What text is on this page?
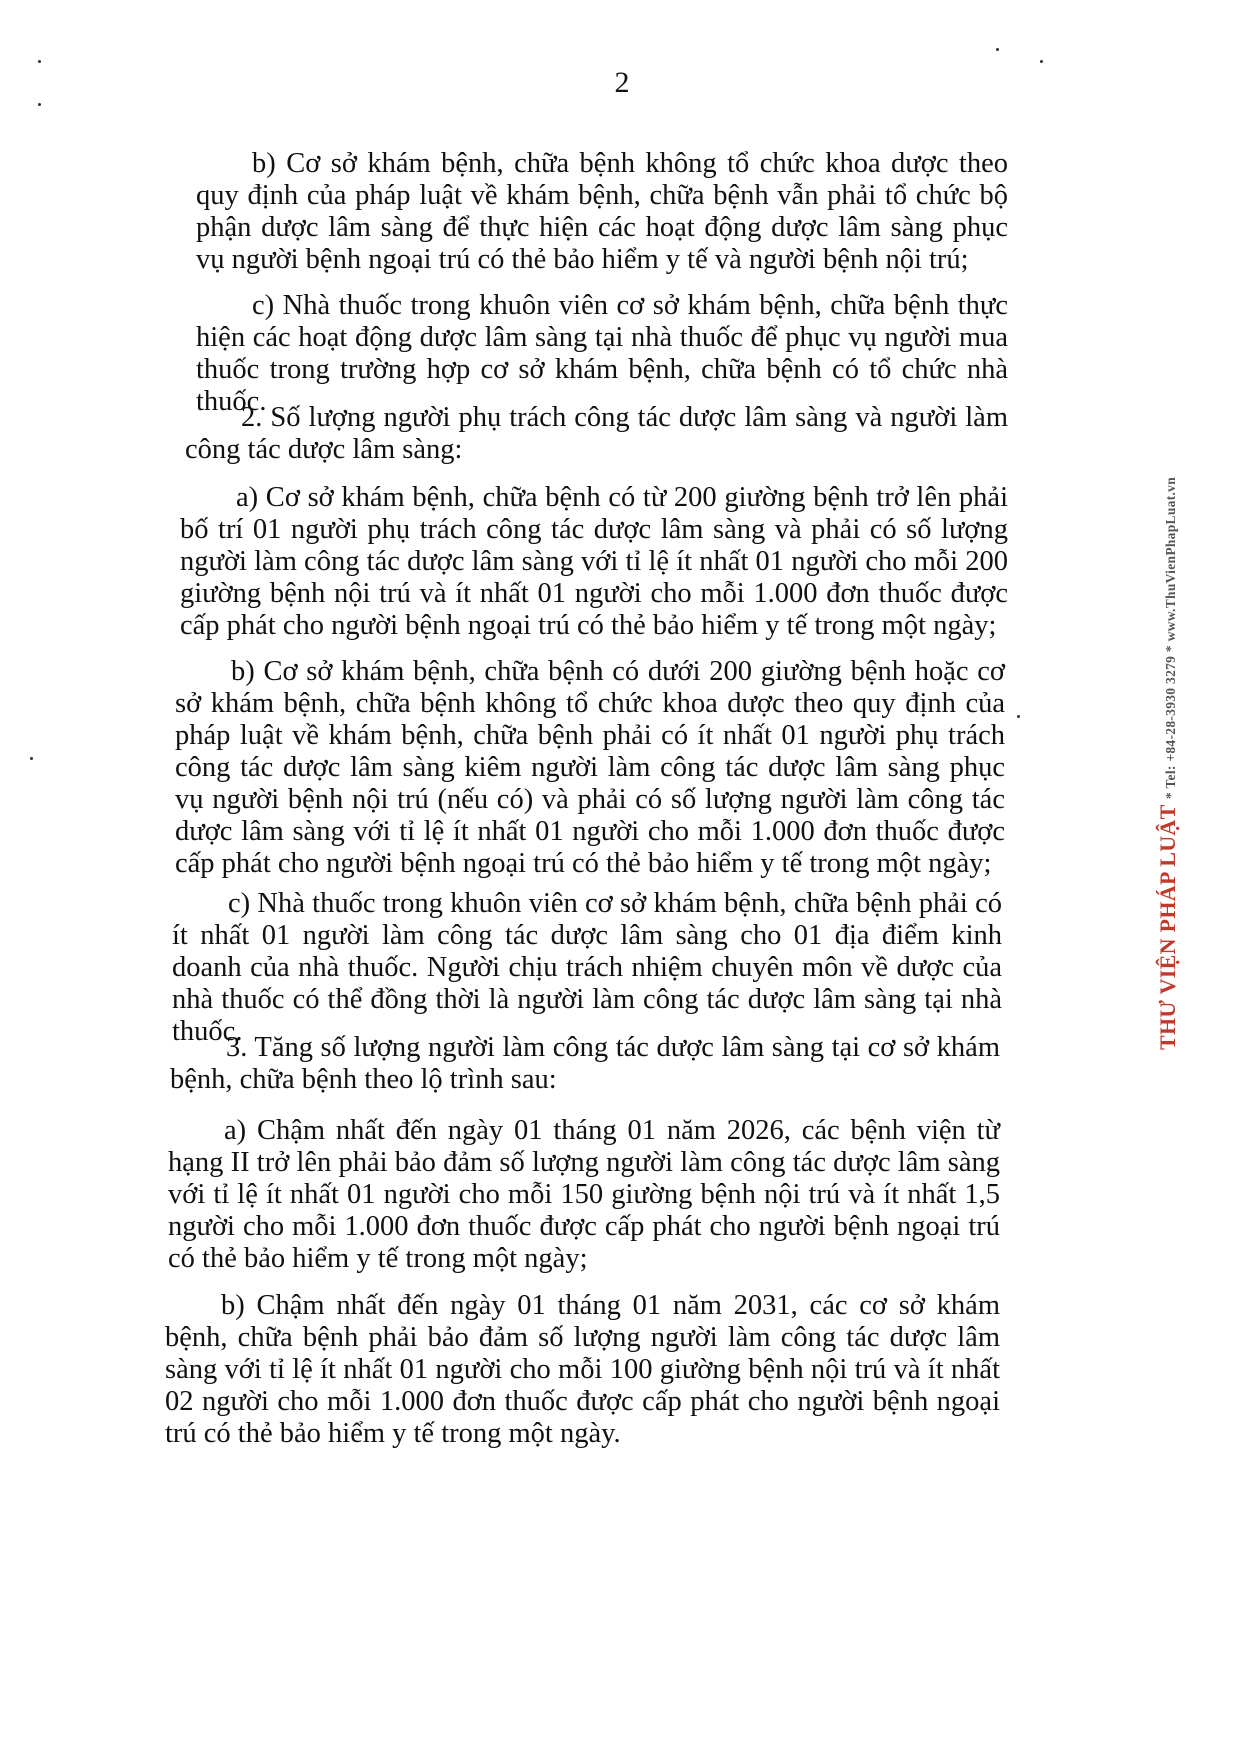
2

b) Cơ sở khám bệnh, chữa bệnh không tổ chức khoa dược theo quy định của pháp luật về khám bệnh, chữa bệnh vẫn phải tổ chức bộ phận dược lâm sàng để thực hiện các hoạt động dược lâm sàng phục vụ người bệnh ngoại trú có thẻ bảo hiểm y tế và người bệnh nội trú;

c) Nhà thuốc trong khuôn viên cơ sở khám bệnh, chữa bệnh thực hiện các hoạt động dược lâm sàng tại nhà thuốc để phục vụ người mua thuốc trong trường hợp cơ sở khám bệnh, chữa bệnh có tổ chức nhà thuốc.

2. Số lượng người phụ trách công tác dược lâm sàng và người làm công tác dược lâm sàng:

a) Cơ sở khám bệnh, chữa bệnh có từ 200 giường bệnh trở lên phải bố trí 01 người phụ trách công tác dược lâm sàng và phải có số lượng người làm công tác dược lâm sàng với tỉ lệ ít nhất 01 người cho mỗi 200 giường bệnh nội trú và ít nhất 01 người cho mỗi 1.000 đơn thuốc được cấp phát cho người bệnh ngoại trú có thẻ bảo hiểm y tế trong một ngày;

b) Cơ sở khám bệnh, chữa bệnh có dưới 200 giường bệnh hoặc cơ sở khám bệnh, chữa bệnh không tổ chức khoa dược theo quy định của pháp luật về khám bệnh, chữa bệnh phải có ít nhất 01 người phụ trách công tác dược lâm sàng kiêm người làm công tác dược lâm sàng phục vụ người bệnh nội trú (nếu có) và phải có số lượng người làm công tác dược lâm sàng với tỉ lệ ít nhất 01 người cho mỗi 1.000 đơn thuốc được cấp phát cho người bệnh ngoại trú có thẻ bảo hiểm y tế trong một ngày;

c) Nhà thuốc trong khuôn viên cơ sở khám bệnh, chữa bệnh phải có ít nhất 01 người làm công tác dược lâm sàng cho 01 địa điểm kinh doanh của nhà thuốc. Người chịu trách nhiệm chuyên môn về dược của nhà thuốc có thể đồng thời là người làm công tác dược lâm sàng tại nhà thuốc.

3. Tăng số lượng người làm công tác dược lâm sàng tại cơ sở khám bệnh, chữa bệnh theo lộ trình sau:

a) Chậm nhất đến ngày 01 tháng 01 năm 2026, các bệnh viện từ hạng II trở lên phải bảo đảm số lượng người làm công tác dược lâm sàng với tỉ lệ ít nhất 01 người cho mỗi 150 giường bệnh nội trú và ít nhất 1,5 người cho mỗi 1.000 đơn thuốc được cấp phát cho người bệnh ngoại trú có thẻ bảo hiểm y tế trong một ngày;

b) Chậm nhất đến ngày 01 tháng 01 năm 2031, các cơ sở khám bệnh, chữa bệnh phải bảo đảm số lượng người làm công tác dược lâm sàng với tỉ lệ ít nhất 01 người cho mỗi 100 giường bệnh nội trú và ít nhất 02 người cho mỗi 1.000 đơn thuốc được cấp phát cho người bệnh ngoại trú có thẻ bảo hiểm y tế trong một ngày.

THƯ VIỆN PHÁP LUẬT * Tel: +84-28-3930 3279 * www.ThuVienPhapLuat.vn
